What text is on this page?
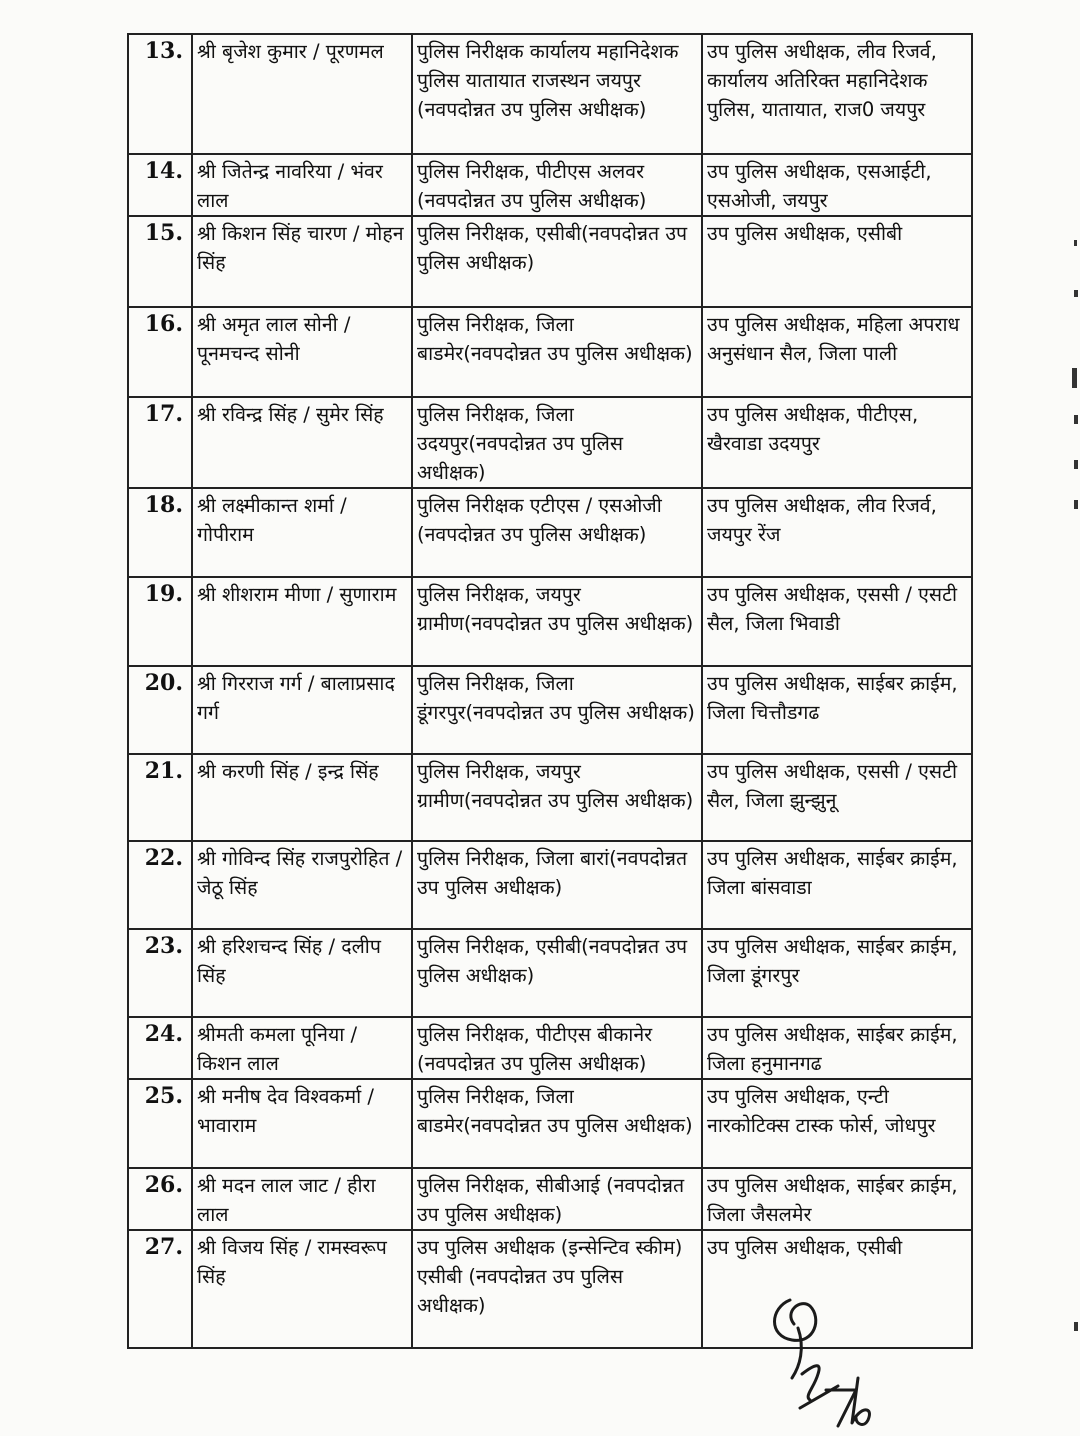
13.	श्री बृजेश कुमार / पूरणमल	पुलिस निरीक्षक कार्यालय महानिदेशक पुलिस यातायात राजस्थन जयपुर (नवपदोन्नत उप पुलिस अधीक्षक)	उप पुलिस अधीक्षक, लीव रिजर्व, कार्यालय अतिरिक्त महानिदेशक पुलिस, यातायात, राज0 जयपुर
14.	श्री जितेन्द्र नावरिया / भंवर लाल	पुलिस निरीक्षक, पीटीएस अलवर (नवपदोन्नत उप पुलिस अधीक्षक)	उप पुलिस अधीक्षक, एसआईटी, एसओजी, जयपुर
15.	श्री किशन सिंह चारण / मोहन सिंह	पुलिस निरीक्षक, एसीबी(नवपदोन्नत उप पुलिस अधीक्षक)	उप पुलिस अधीक्षक, एसीबी
16.	श्री अमृत लाल सोनी / पूनमचन्द सोनी	पुलिस निरीक्षक, जिला बाडमेर(नवपदोन्नत उप पुलिस अधीक्षक)	उप पुलिस अधीक्षक, महिला अपराध अनुसंधान सैल, जिला पाली
17.	श्री रविन्द्र सिंह / सुमेर सिंह	पुलिस निरीक्षक, जिला उदयपुर(नवपदोन्नत उप पुलिस अधीक्षक)	उप पुलिस अधीक्षक, पीटीएस, खैरवाडा उदयपुर
18.	श्री लक्ष्मीकान्त शर्मा / गोपीराम	पुलिस निरीक्षक एटीएस / एसओजी (नवपदोन्नत उप पुलिस अधीक्षक)	उप पुलिस अधीक्षक, लीव रिजर्व, जयपुर रेंज
19.	श्री शीशराम मीणा / सुणाराम	पुलिस निरीक्षक, जयपुर ग्रामीण(नवपदोन्नत उप पुलिस अधीक्षक)	उप पुलिस अधीक्षक, एससी / एसटी सैल, जिला भिवाडी
20.	श्री गिरराज गर्ग / बालाप्रसाद गर्ग	पुलिस निरीक्षक, जिला डूंगरपुर(नवपदोन्नत उप पुलिस अधीक्षक)	उप पुलिस अधीक्षक, साईबर क्राईम, जिला चित्तौडगढ
21.	श्री करणी सिंह / इन्द्र सिंह	पुलिस निरीक्षक, जयपुर ग्रामीण(नवपदोन्नत उप पुलिस अधीक्षक)	उप पुलिस अधीक्षक, एससी / एसटी सैल, जिला झुन्झुनू
22.	श्री गोविन्द सिंह राजपुरोहित / जेठू सिंह	पुलिस निरीक्षक, जिला बारां(नवपदोन्नत उप पुलिस अधीक्षक)	उप पुलिस अधीक्षक, साईबर क्राईम, जिला बांसवाडा
23.	श्री हरिशचन्द सिंह / दलीप सिंह	पुलिस निरीक्षक, एसीबी(नवपदोन्नत उप पुलिस अधीक्षक)	उप पुलिस अधीक्षक, साईबर क्राईम, जिला डूंगरपुर
24.	श्रीमती कमला पूनिया / किशन लाल	पुलिस निरीक्षक, पीटीएस बीकानेर (नवपदोन्नत उप पुलिस अधीक्षक)	उप पुलिस अधीक्षक, साईबर क्राईम, जिला हनुमानगढ
25.	श्री मनीष देव विश्वकर्मा / भावाराम	पुलिस निरीक्षक, जिला बाडमेर(नवपदोन्नत उप पुलिस अधीक्षक)	उप पुलिस अधीक्षक, एन्टी नारकोटिक्स टास्क फोर्स, जोधपुर
26.	श्री मदन लाल जाट / हीरा लाल	पुलिस निरीक्षक, सीबीआई (नवपदोन्नत उप पुलिस अधीक्षक)	उप पुलिस अधीक्षक, साईबर क्राईम, जिला जैसलमेर
27.	श्री विजय सिंह / रामस्वरूप सिंह	उप पुलिस अधीक्षक (इन्सेन्टिव स्कीम) एसीबी (नवपदोन्नत उप पुलिस अधीक्षक)	उप पुलिस अधीक्षक, एसीबी
